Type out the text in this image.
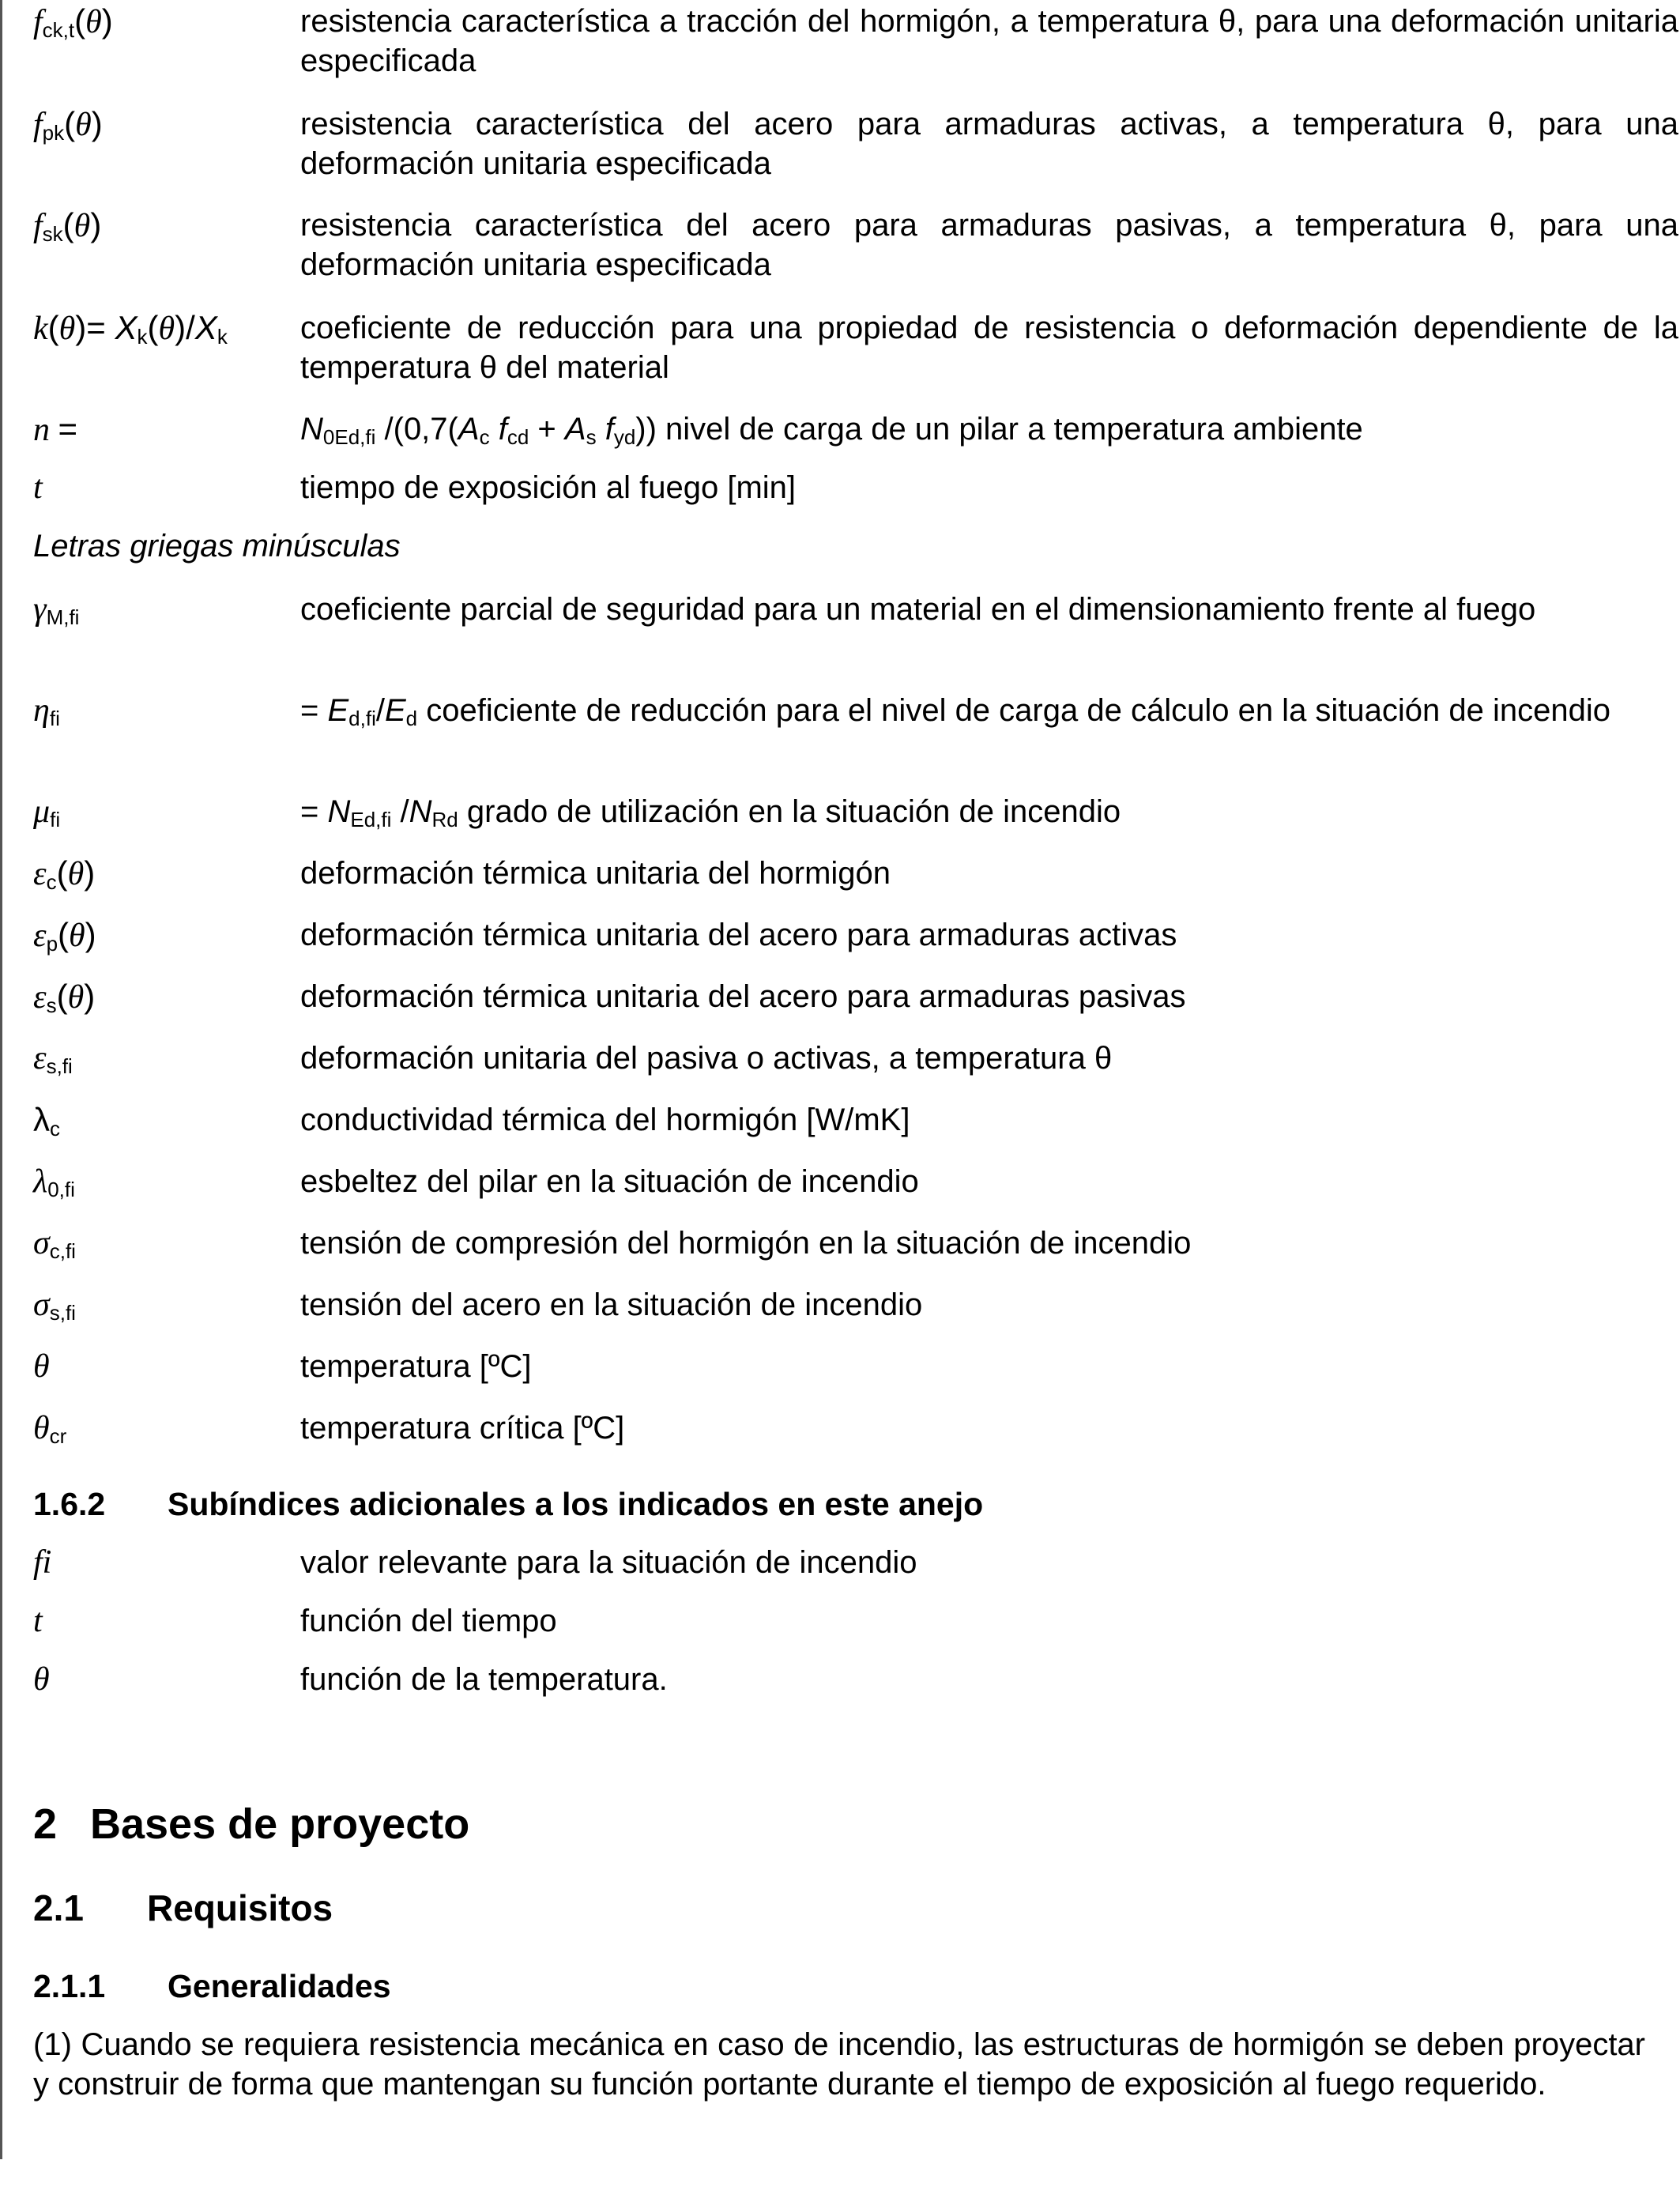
fck,t(θ)	resistencia característica a tracción del hormigón, a temperatura θ, para una deformación unitaria especificada
fpk(θ)	resistencia característica del acero para armaduras activas, a temperatura θ, para una deformación unitaria especificada
fsk(θ)	resistencia característica del acero para armaduras pasivas, a temperatura θ, para una deformación unitaria especificada
k(θ)= Xk(θ)/Xk	coeficiente de reducción para una propiedad de resistencia o deformación dependiente de la temperatura θ del material
n =	$N_{0Ed,fi}$ $/(0,7(A_c$ $f_{cd} + A_s$ $f_{yd}$)) nivel de carga de un pilar a temperatura ambiente
t	tiempo de exposición al fuego [min]
Letras griegas minúsculas
γM,fi	coeficiente parcial de seguridad para un material en el dimensionamiento frente al fuego
ηfi	= $E_{d,fi}/E_d$ coeficiente de reducción para el nivel de carga de cálculo en la situación de incendio
μfi	= $N_{Ed,fi}$ $/N_{Rd}$ grado de utilización en la situación de incendio
εc(θ)	deformación térmica unitaria del hormigón
εp(θ)	deformación térmica unitaria del acero para armaduras activas
εs(θ)	deformación térmica unitaria del acero para armaduras pasivas
εs,fi	deformación unitaria del pasiva o activas, a temperatura θ
λc	conductividad térmica del hormigón [W/mK]
λ0,fi	esbeltez del pilar en la situación de incendio
σc,fi	tensión de compresión del hormigón en la situación de incendio
σs,fi	tensión del acero en la situación de incendio
θ	temperatura [ºC]
θcr	temperatura crítica [ºC]
1.6.2 Subíndices adicionales a los indicados en este anejo
fi	valor relevante para la situación de incendio
t	función del tiempo
θ	función de la temperatura.
2 Bases de proyecto
2.1 Requisitos
2.1.1 Generalidades
(1) Cuando se requiera resistencia mecánica en caso de incendio, las estructuras de hormigón se deben proyectar y construir de forma que mantengan su función portante durante el tiempo de exposición al fuego requerido.
